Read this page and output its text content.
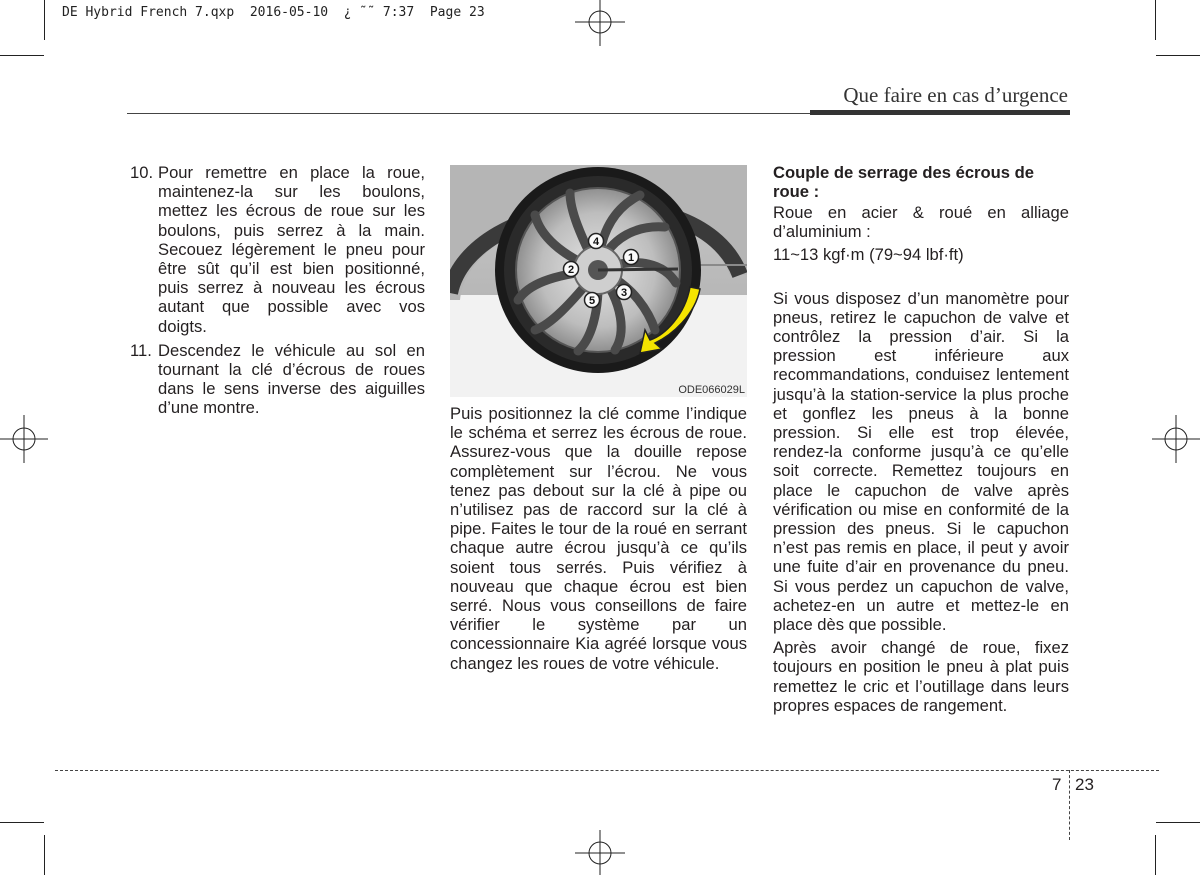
DE Hybrid French 7.qxp  2016-05-10  ¿ ˜˜ 7:37  Page 23
Que faire en cas d’urgence
10. Pour remettre en place la roue, maintenez-la sur les boulons, mettez les écrous de roue sur les boulons, puis serrez à la main. Secouez légèrement le pneu pour être sût qu’il est bien positionné, puis serrez à nouveau les écrous autant que possible avec vos doigts.
11. Descendez le véhicule au sol en tournant la clé d’écrous de roues dans le sens inverse des aiguilles d’une montre.
1
2
3
4
5
ODE066029L

Puis positionnez la clé comme l’indique le schéma et serrez les écrous de roue. Assurez-vous que la douille repose complètement sur l’écrou. Ne vous tenez pas debout sur la clé à pipe ou n’utilisez pas de raccord sur la clé à pipe. Faites le tour de la roué en serrant chaque autre écrou jusqu’à ce qu’ils soient tous serrés. Puis vérifiez à nouveau que chaque écrou est bien serré. Nous vous conseillons de faire vérifier le système par un concessionnaire Kia agréé lorsque vous changez les roues de votre véhicule.

Couple de serrage des écrous de roue :

Roue en acier & roué en alliage d’aluminium :

11~13 kgf·m (79~94 lbf·ft)

Si vous disposez d’un manomètre pour pneus, retirez le capuchon de valve et contrôlez la pression d’air. Si la pression est inférieure aux recommandations, conduisez lentement jusqu’à la station-service la plus proche et gonflez les pneus à la bonne pression. Si elle est trop élevée, rendez-la conforme jusqu’à ce qu’elle soit correcte. Remettez toujours en place le capuchon de valve après vérification ou mise en conformité de la pression des pneus. Si le capuchon n’est pas remis en place, il peut y avoir une fuite d’air en provenance du pneu. Si vous perdez un capuchon de valve, achetez-en un autre et mettez-le en place dès que possible.

Après avoir changé de roue, fixez toujours en position le pneu à plat puis remettez le cric et l’outillage dans leurs propres espaces de rangement.

7 23
